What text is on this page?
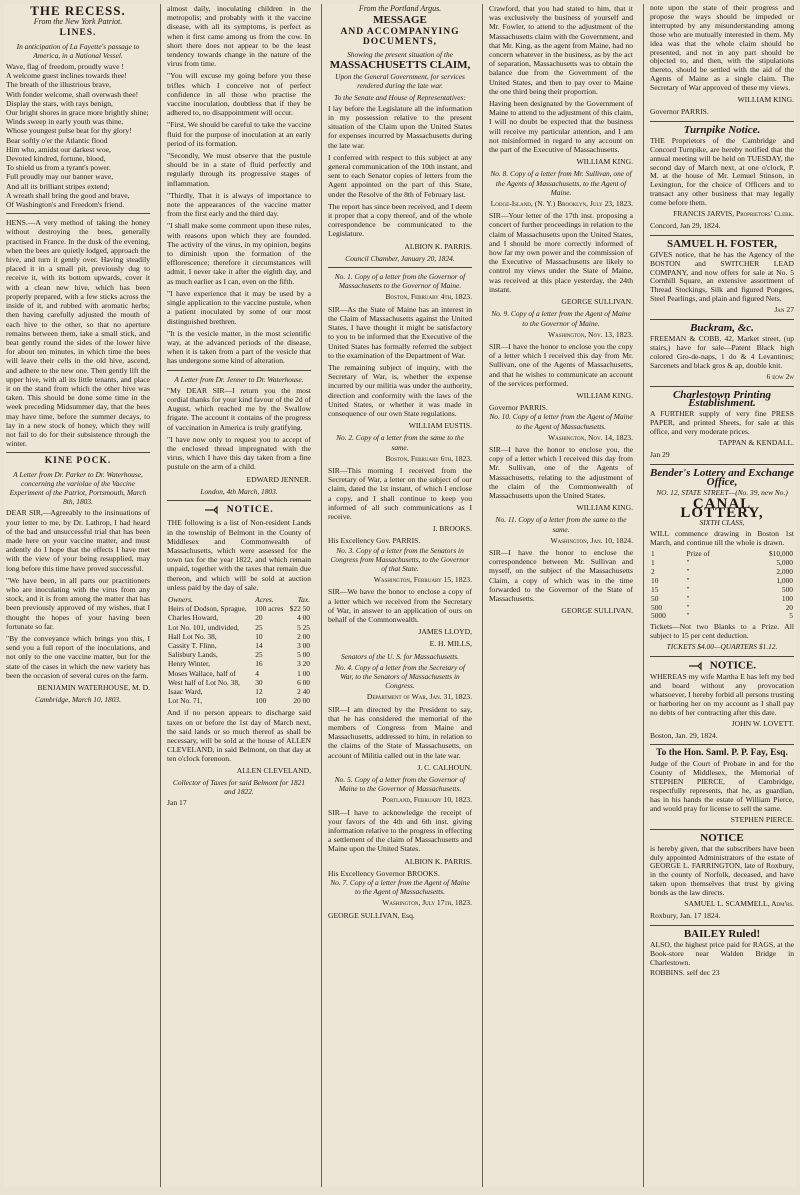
THE RECESS.
From the New York Patriot.
LINES.
In anticipation of La Fayette's passage to America, in a National Vessel.
Wave, flag of freedom, proudly wave !
A welcome guest inclines towards thee!
The breath of the illustrious brave,
With fonder welcome, shall overwash thee!
Display the stars, with rays benign,
Our bright shores in grace more brightly shine;
Winds sweep in early youth was thine,
Whose youngest pulse beat for thy glory!
Bear softly o'er the Atlantic flood
Him who, amidst our darkest woe,
Devoted kindred, fortune, blood,
To shield us from a tyrant's power.
Full proudly may our banner wave,
And all its brilliant stripes extend;
A wreath shall bring the good and brave,
Of Washington's and Freedom's friend.

HENS.—A very method of taking the honey without destroying the bees, generally practised in France. In the dusk of the evening, when the bees are quietly lodged, approach the hive, and turn it gently over. Having steadily placed it in a small pit, previously dug to receive it, with its bottom upwards, cover it with a clean new hive, which has been properly prepared, with a few sticks across the inside of it, and rubbed with aromatic herbs; then having carefully adjusted the mouth of each hive to the other, so that no aperture remains between them, take a small stick, and beat gently round the sides of the lower hive for about ten minutes, in which time the bees will leave their cells in the old hive, ascend, and adhere to the new one. Then gently lift the upper hive, with all its little tenants, and place it on the stand from which the other hive was taken. This should be done some time in the week preceding Midsummer day, that the bees may have time, before the summer decays, to lay in a new stock of honey, which they will not fail to do for their subsistence through the winter.

KINE POCK.
A Letter from Dr. Parker to Dr. Waterhouse, concerning the variolae of the Vaccine Experiment of the Patriot, Portsmouth, March 8th, 1803.

DEAR SIR,—Agreeably to the insinuations of your letter to me, by Dr. Lathrop, I had heard of the bad and unsuccessful trial that has been made here on your vaccine matter, and must ardently do I hope that the effects I have met with the view of your being resupplied, may long before this time have proved successful.

"We have been, in all parts our practitioners who are inoculating with the virus from any stock, and it is from among the matter that has been previously approved of my wishes, that I thought the hopes of your having been fortunate so far.

"By the conveyance which brings you this, I send you a full report of the inoculations, and not only to the one vaccine matter, but for the state of the cases in which the new variety has been the occasion of several cures on the farm.

BENJAMIN WATERHOUSE, M. D.
Cambridge, March 10, 1803.

almost daily, inoculating children in the metropolis; and probably with it the vaccine disease, with all its symptoms, is perfect as when it first came among us from the cow. In short there does not appear to be the least tendency towards change in the nature of the virus from time.

"You will excuse my going before you these trifles which I conceive not of perfect confidence in all those who practise the vaccine inoculation, doubtless that if they be adhered to, no disappointment will occur.

"First, We should be careful to take the vaccine fluid for the purpose of inoculation at an early period of its formation.

"Secondly, We must observe that the pustule should be in a state of fluid perfectly and regularly through its progressive stages of inflammation.

"Thirdly, That it is always of importance to note the appearances of the vaccine matter from the first early and the third day.

"I shall make some comment upon these rules, with reasons upon which they are founded. The activity of the virus, in my opinion, begins to diminish upon the formation of the efflorescence; therefore it circumstances will admit, I never take it after the eighth day, and as much earlier as I can, even on the fifth.

"I have experience that it may be used by a single application to the vaccine pustule, when a patient inoculated by some of our most distinguished brethren.

"It is the vesicle matter, in the most scientific way, at the advanced periods of the disease, when it is taken from a part of the vesicle that has undergone some kind of alteration.

A Letter from Dr. Jenner to Dr. Waterhouse.

"My DEAR SIR—I return you the most cordial thanks for your kind favour of the 2d of August, which reached me by the Swallow frigate. The account it contains of the progress of vaccination in America is truly gratifying.

"I have now only to request you to accept of the enclosed thread impregnated with the virus, which I have this day taken from a fine pustule on the arm of a child.

EDWARD JENNER.
London, 4th March, 1803.
NOTICE.

THE following is a list of Non-resident Lands in the township of Belmont in the County of Middlesex and Commonwealth of Massachusetts, which were assessed for the town tax for the year 1822, and which remain unpaid, together with the taxes that remain due thereon, and which will be sold at auction unless paid by the day of sale.

Owners.	Acres.	Tax.
Heirs of Dodson, Sprague,	100 acres	$22 50
Charles Howard,	20	4 00
Lot No. 101, undivided,	25	5 25
Hall Lot No. 38,	10	2 00
Cassity T. Flinn,	14	3 00
Salisbury Lands,	25	5 00
Henry Winter,	16	3 20
Moses Wallace, half of	4	1 00
West half of Lot No. 38,	30	6 00
Isaac Ward,	12	2 40
Lot No. 71,	100	20 00

And if no person appears to discharge said taxes on or before the 1st day of March next, the said lands or so much thereof as shall be necessary, will be sold at the house of ALLEN CLEVELAND, in said Belmont, on that day at ten o'clock forenoon.

ALLEN CLEVELAND,
Collector of Taxes for said Belmont for 1821 and 1822.
Jan 17
From the Portland Argus.
MESSAGE
AND ACCOMPANYING DOCUMENTS,
Showing the present situation of the
MASSACHUSETTS CLAIM,
Upon the General Government, for services rendered during the late war.
To the Senate and House of Representatives:

I lay before the Legislature all the information in my possession relative to the present situation of the Claim upon the United States for expenses incurred by Massachusetts during the late war.

I conferred with respect to this subject at any general communication of the 10th instant, and sent to each Senator copies of letters from the Agent appointed on the part of this State, under the Resolve of the 8th of February last.

The report has since been received, and I deem it proper that a copy thereof, and of the whole correspondence be communicated to the Legislature.

ALBION K. PARRIS.
Council Chamber, January 20, 1824.
No. 1. Copy of a letter from the Governor of Massachusetts to the Governor of Maine.
Boston, February 4th, 1823.

SIR—As the State of Maine has an interest in the Claim of Massachusetts against the United States, I have thought it might be satisfactory to you to be informed that the Executive of the United States has formally referred the subject to the examination of the Department of War.

The remaining subject of inquiry, with the Secretary of War, is, whether the expense incurred by our militia was under the authority, direction and conformity with the laws of the United States, or whether it was made in consequence of our own State regulations.

WILLIAM EUSTIS.
No. 2. Copy of a letter from the same to the same.
Boston, February 6th, 1823.

SIR—This morning I received from the Secretary of War, a letter on the subject of our claim, dated the 1st instant, of which I enclose a copy, and I shall continue to keep you informed of all such communications as I receive.

I. BROOKS.
His Excellency Gov. PARRIS.
No. 3. Copy of a letter from the Senators in Congress from Massachusetts, to the Governor of that State.
Washington, February 15, 1823.

SIR—We have the honor to enclose a copy of a letter which we received from the Secretary of War, in answer to an application of ours on behalf of the Commonwealth.

JAMES LLOYD,
E. H. MILLS,
Senators of the U. S. for Massachusetts.
No. 4. Copy of a letter from the Secretary of War, to the Senators of Massachusetts in Congress.
Department of War, Jan. 31, 1823.

SIR—I am directed by the President to say, that he has considered the memorial of the members of Congress from Maine and Massachusetts, addressed to him, in relation to the claims of the State of Massachusetts, on account of Militia called out in the late war.

J. C. CALHOUN.
No. 5. Copy of a letter from the Governor of Maine to the Governor of Massachusetts.
Portland, February 10, 1823.

SIR—I have to acknowledge the receipt of your favors of the 4th and 6th inst. giving information relative to the progress in effecting a settlement of the claim of Massachusetts and Maine upon the United States.

ALBION K. PARRIS.
His Excellency Governor BROOKS.
No. 7. Copy of a letter from the Agent of Maine to the Agent of Massachusetts.
Washington, July 17th, 1823.
GEORGE SULLIVAN, Esq.

Crawford, that you had stated to him, that it was exclusively the business of yourself and Mr. Fowler, to attend to the adjustment of the Massachusetts claim with the Government, and that Mr. King, as the agent from Maine, had no concern whatever in the business, as by the act of separation, Massachusetts was to obtain the balance due from the Government of the United States, and then to pay over to Maine the one third being their proportion.

Having been designated by the Government of Maine to attend to the adjustment of this claim, I will no doubt be expected that the business will receive my particular attention, and I am not misinformed in regard to any account on the part of the Executive of Massachusetts.

WILLIAM KING.
No. 8. Copy of a letter from Mr. Sullivan, one of the Agents of Massachusetts, to the Agent of Maine.
Lodge-Island, (N. Y.) Brooklyn, July 23, 1823.

SIR—Your letter of the 17th inst. proposing a concert of further proceedings in relation to the claim of Massachusetts upon the United States, and I should be more correctly informed of how far my own power and the commission of the Executive of Massachusetts are likely to control my views under the State of Maine, was received at this place yesterday, the 24th instant.

GEORGE SULLIVAN.
No. 9. Copy of a letter from the Agent of Maine to the Governor of Maine.
Washington, Nov. 13, 1823.

SIR—I have the honor to enclose you the copy of a letter which I received this day from Mr. Sullivan, one of the Agents of Massachusetts, and that he wishes to communicate an account of the services performed.

WILLIAM KING.
Governor PARRIS.
No. 10. Copy of a letter from the Agent of Maine to the Agent of Massachusetts.
Washington, Nov. 14, 1823.

SIR—I have the honor to enclose you, the copy of a letter which I received this day from Mr. Sullivan, one of the Agents of Massachusetts, relating to the adjustment of the claim of the Commonwealth of Massachusetts upon the United States.

WILLIAM KING.
No. 11. Copy of a letter from the same to the same.
Washington, Jan. 10, 1824.

SIR—I have the honor to enclose the correspondence between Mr. Sullivan and myself, on the subject of the Massachusetts Claim, a copy of which was in the time forwarded to the Governor of the State of Massachusetts.

GEORGE SULLIVAN.

note upon the state of their progress and propose the ways should be impeded or interrupted by any misunderstanding among those who are mutually interested in them. My idea was that the whole claim should be presented, and not in any part should be objected to, and then, with the stipulations thereto, should be settled with the aid of the Agents of Maine as a single claim. The Secretary of War approved of these my views.

WILLIAM KING.
Governor PARRIS.
Turnpike Notice.

THE Proprietors of the Cambridge and Concord Turnpike, are hereby notified that the annual meeting will be held on TUESDAY, the second day of March next, at one o'clock, P. M. at the house of Mr. Lemuel Stinson, in Lexington, for the choice of Officers and to transact any other business that may legally come before them.

FRANCIS JARVIS, Proprietors' Clerk.
Concord, Jan 29, 1824.
SAMUEL H. FOSTER,

GIVES notice, that he has the Agency of the BOSTON and SWITCHER LEAD COMPANY, and now offers for sale at No. 5 Cornhill Square, an extensive assortment of Thread Stockings, Silk and figured Pongees, Steel Pearlings, and plain and figured Nets.

Jan 27
Buckram, &c.

FREEMAN & COBB, 42, Market street, (up stairs,) have for sale—Patent Black high colored Gro-de-naps, 1 do & 4 Levantines; Sarcenets and black gros & ap, double knit.

6 eow 2w
Charlestown Printing Establishment.

A FURTHER supply of very fine PRESS PAPER, and printed Sheets, for sale at this office, and very moderate prices.

TAPPAN & KENDALL.
Jan 29
Bender's Lottery and Exchange Office,
NO. 12, STATE STREET—(No. 39, new No.)
CANAL LOTTERY,
SIXTH CLASS,

WILL commence drawing in Boston 1st March, and continue till the whole is drawn.

1	Prize of	$10,000
1	"	5,000
2	"	2,000
10	"	1,000
15	"	500
50	"	100
500	"	20
5000	"	5

Tickets—Not two Blanks to a Prize. All subject to 15 per cent deduction.

TICKETS $4.00—QUARTERS $1.12.
NOTICE.

WHEREAS my wife Martha E has left my bed and board without any provocation whatsoever, I hereby forbid all persons trusting or harboring her on my account as I shall pay no debts of her contracting after this date.

JOHN W. LOVETT.
Boston, Jan. 29, 1824.
To the Hon. Saml. P. P. Fay, Esq.

Judge of the Court of Probate in and for the County of Middlesex, the Memorial of STEPHEN PIERCE, of Cambridge, respectfully represents, that he, as guardian, has in his hands the estate of William Pierce, and would pray for license to sell the same.

STEPHEN PIERCE.
NOTICE

is hereby given, that the subscribers have been duly appointed Administrators of the estate of GEORGE L. FARRINGTON, late of Roxbury, in the county of Norfolk, deceased, and have taken upon themselves that trust by giving bonds as the law directs.

SAMUEL L. SCAMMELL, Adm'rs.
Roxbury, Jan. 17 1824.
BAILEY Ruled!

ALSO, the highest price paid for RAGS, at the Book-store near Walden Bridge in Charlestown.

ROBBINS. self dec 23
